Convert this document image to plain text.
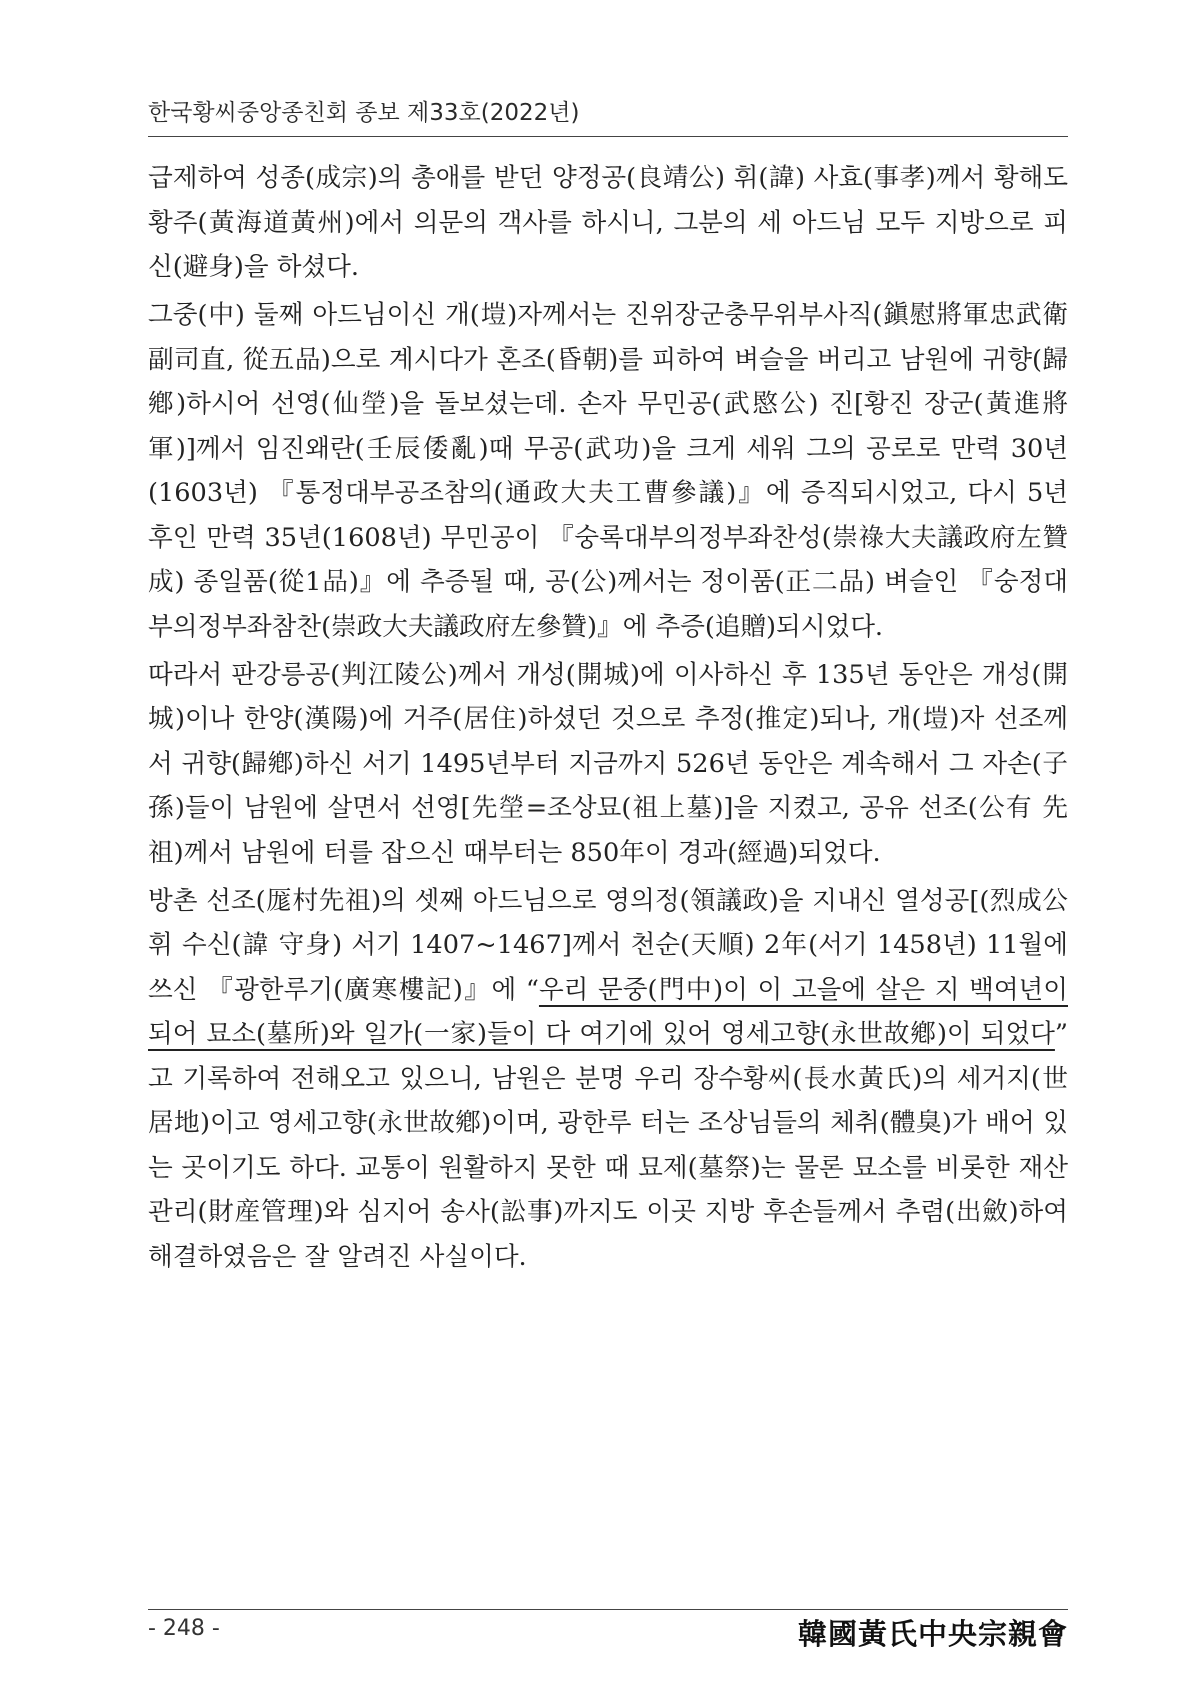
한국황씨중앙종친회 종보 제33호(2022년)

급제하여 성종(成宗)의 총애를 받던 양정공(良靖公) 휘(諱) 사효(事孝)께서 황해도황주(黃海道黃州)에서 의문의 객사를 하시니, 그분의 세 아드님 모두 지방으로 피신(避身)을 하셨다.

그중(中) 둘째 아드님이신 개(塏)자께서는 진위장군충무위부사직(鎭慰將軍忠武衛副司直, 從五品)으로 계시다가 혼조(昏朝)를 피하여 벼슬을 버리고 남원에 귀향(歸鄕)하시어 선영(仙塋)을 돌보셨는데. 손자 무민공(武愍公) 진[황진 장군(黃進將軍)]께서 임진왜란(壬辰倭亂)때 무공(武功)을 크게 세워 그의 공로로 만력 30년(1603년) 『통정대부공조참의(通政大夫工曹參議)』에 증직되시었고, 다시 5년 후인 만력 35년(1608년) 무민공이 『숭록대부의정부좌찬성(崇祿大夫議政府左贊成) 종일품(從1品)』에 추증될 때, 공(公)께서는 정이품(正二品) 벼슬인 『숭정대부의정부좌참찬(崇政大夫議政府左參贊)』에 추증(追贈)되시었다.

따라서 판강릉공(判江陵公)께서 개성(開城)에 이사하신 후 135년 동안은 개성(開城)이나 한양(漢陽)에 거주(居住)하셨던 것으로 추정(推定)되나, 개(塏)자 선조께서 귀향(歸鄕)하신 서기 1495년부터 지금까지 526년 동안은 계속해서 그 자손(子孫)들이 남원에 살면서 선영[先塋=조상묘(祖上墓)]을 지켰고, 공유 선조(公有 先祖)께서 남원에 터를 잡으신 때부터는 850年이 경과(經過)되었다.

방촌 선조(厖村先祖)의 셋째 아드님으로 영의정(領議政)을 지내신 열성공[(烈成公 휘 수신(諱 守身) 서기 1407~1467]께서 천순(天順) 2年(서기 1458년) 11월에 쓰신 『광한루기(廣寒樓記)』에 “우리 문중(門中)이 이 고을에 살은 지 백여년이 되어 묘소(墓所)와 일가(一家)들이 다 여기에 있어 영세고향(永世故鄕)이 되었다” 고 기록하여 전해오고 있으니, 남원은 분명 우리 장수황씨(長水黃氏)의 세거지(世居地)이고 영세고향(永世故鄕)이며, 광한루 터는 조상님들의 체취(體臭)가 배어 있는 곳이기도 하다. 교통이 원활하지 못한 때 묘제(墓祭)는 물론 묘소를 비롯한 재산관리(財産管理)와 심지어 송사(訟事)까지도 이곳 지방 후손들께서 추렴(出斂)하여 해결하였음은 잘 알려진 사실이다.

- 248 -	韓國黃氏中央宗親會
